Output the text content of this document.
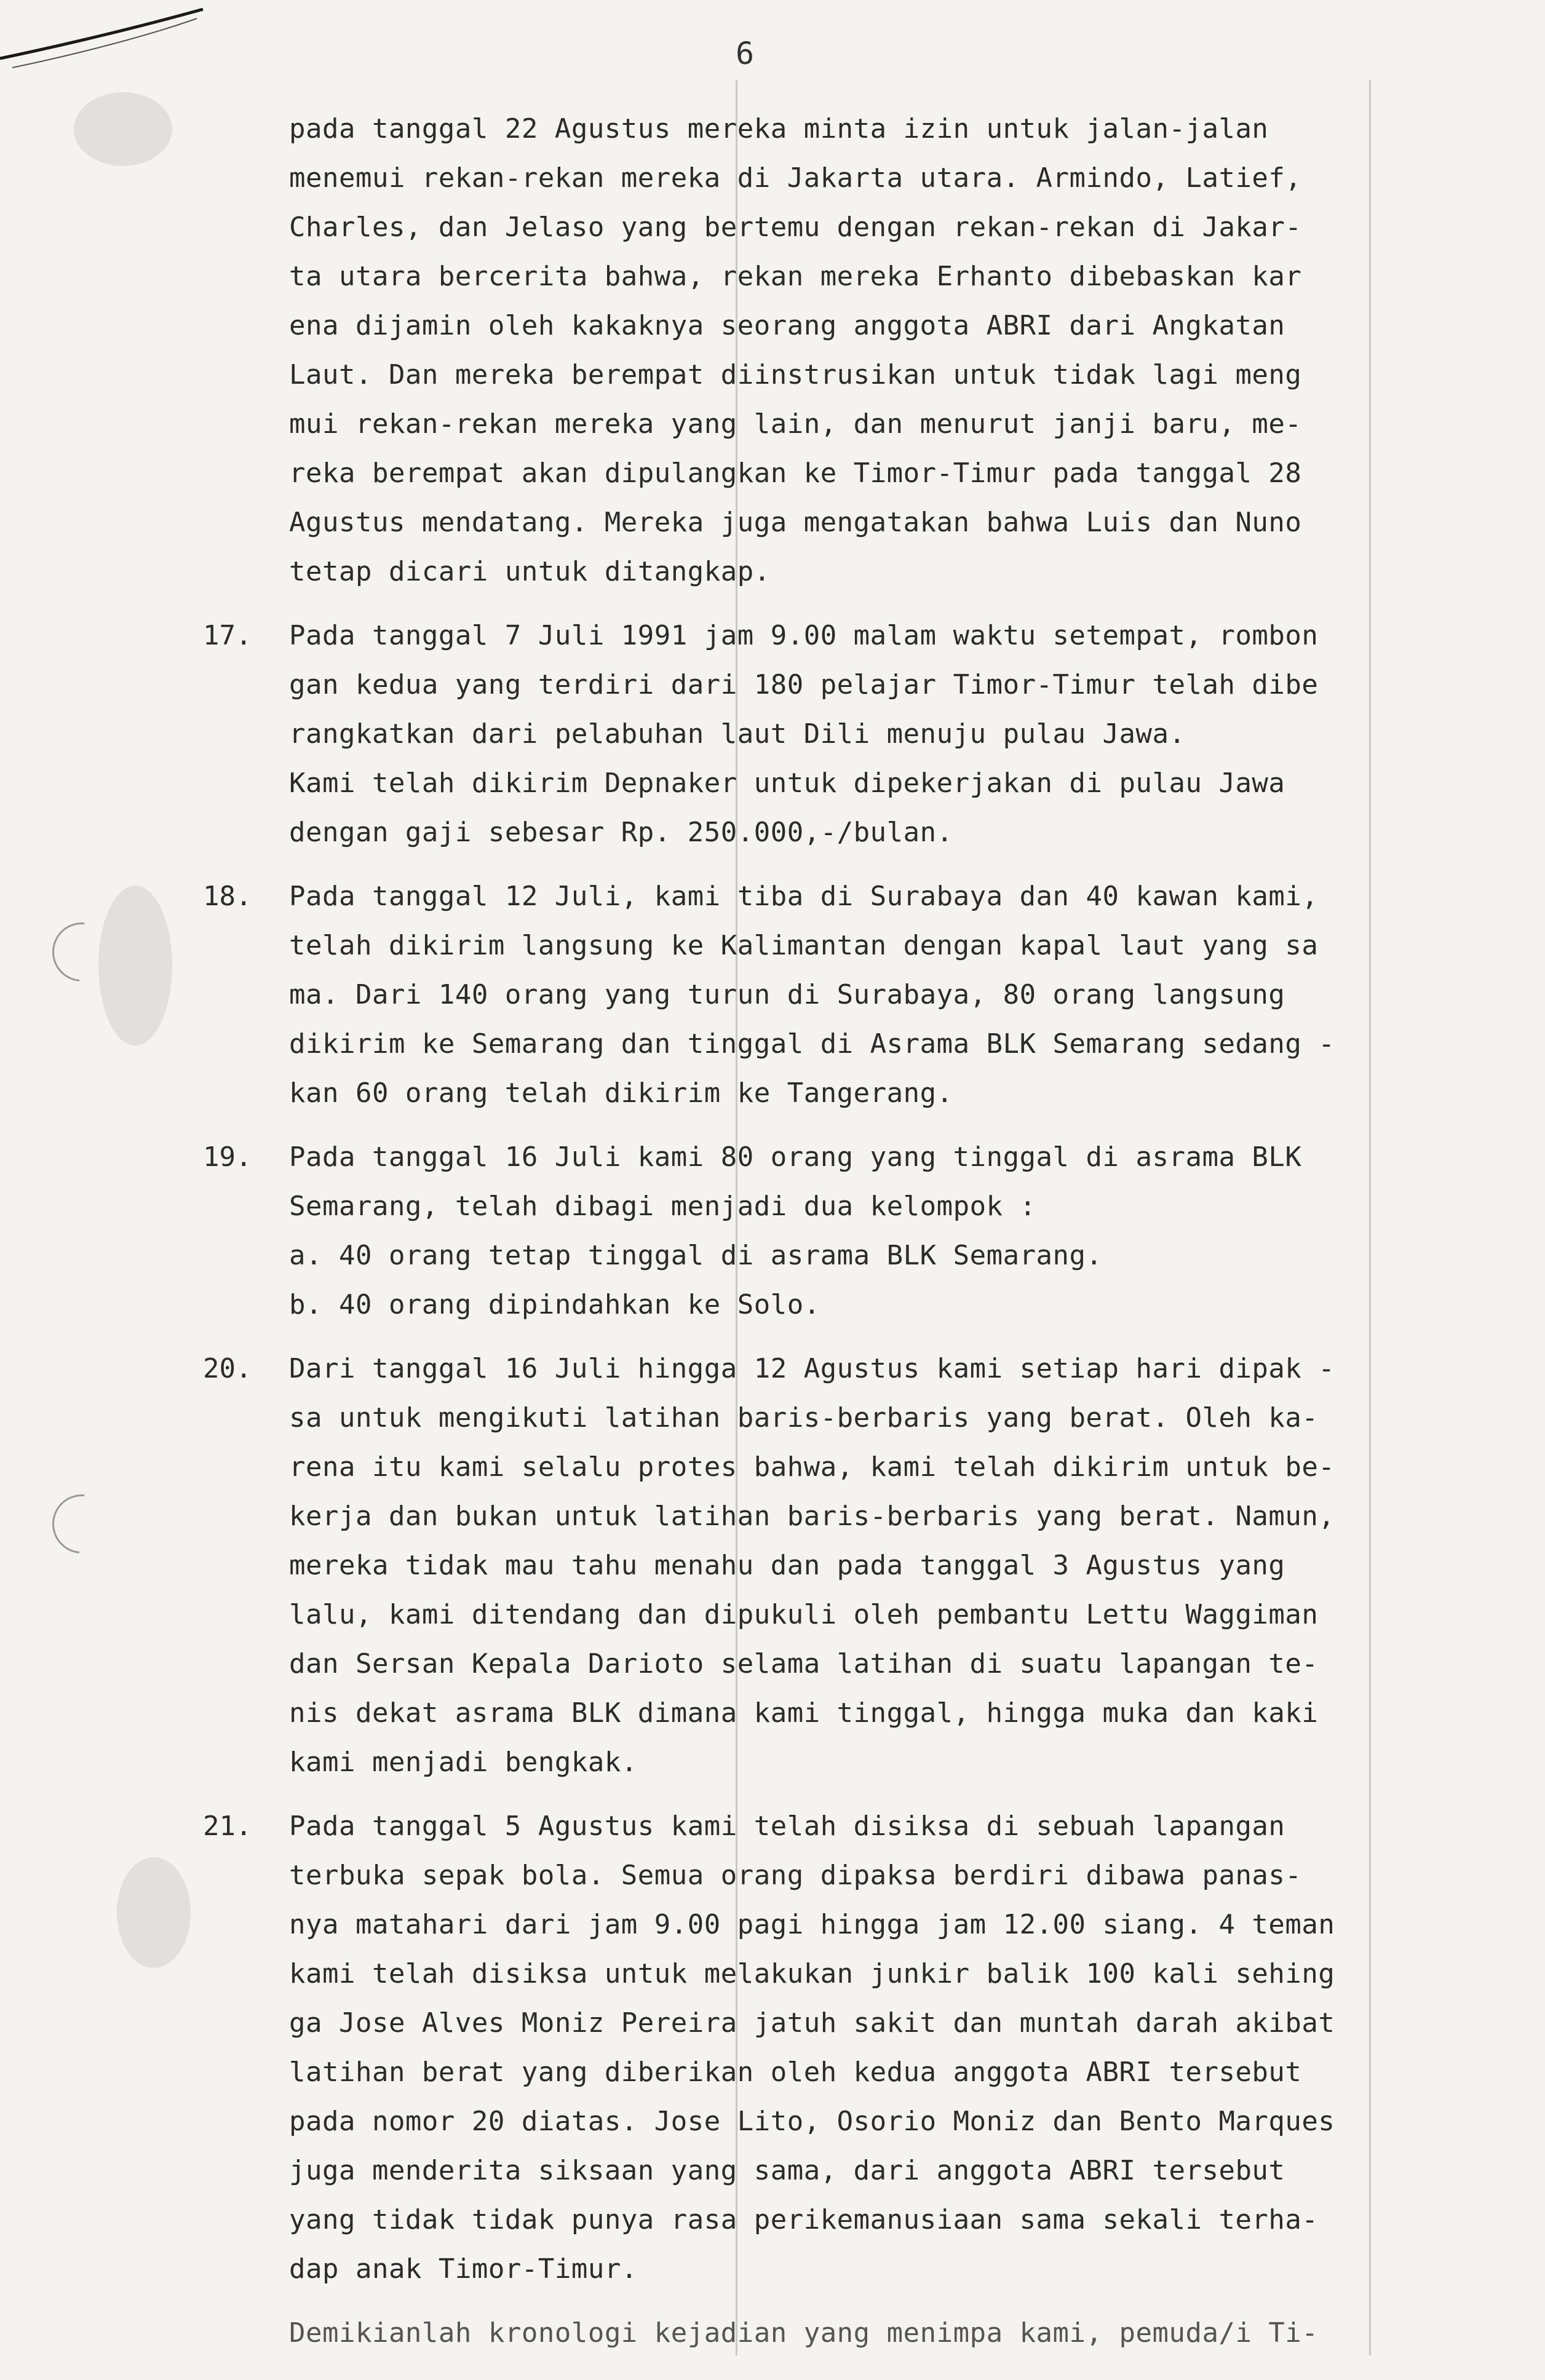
6
pada tanggal 22 Agustus mereka minta izin untuk jalan-jalan
menemui rekan-rekan mereka di Jakarta utara. Armindo, Latief,
Charles, dan Jelaso yang bertemu dengan rekan-rekan di Jakar-
ta utara bercerita bahwa, rekan mereka Erhanto dibebaskan kar
ena dijamin oleh kakaknya seorang anggota ABRI dari Angkatan
Laut. Dan mereka berempat diinstrusikan untuk tidak lagi meng
mui rekan-rekan mereka yang lain, dan menurut janji baru, me-
reka berempat akan dipulangkan ke Timor-Timur pada tanggal 28
Agustus mendatang. Mereka juga mengatakan bahwa Luis dan Nuno
tetap dicari untuk ditangkap.
17. Pada tanggal 7 Juli 1991 jam 9.00 malam waktu setempat, rombon
gan kedua yang terdiri dari 180 pelajar Timor-Timur telah dibe
rangkatkan dari pelabuhan laut Dili menuju pulau Jawa.
Kami telah dikirim Depnaker untuk dipekerjakan di pulau Jawa
dengan gaji sebesar Rp. 250.000,-/bulan.
18. Pada tanggal 12 Juli, kami tiba di Surabaya dan 40 kawan kami,
telah dikirim langsung ke Kalimantan dengan kapal laut yang sa
ma. Dari 140 orang yang turun di Surabaya, 80 orang langsung
dikirim ke Semarang dan tinggal di Asrama BLK Semarang sedang -
kan 60 orang telah dikirim ke Tangerang.
19. Pada tanggal 16 Juli kami 80 orang yang tinggal di asrama BLK
Semarang, telah dibagi menjadi dua kelompok :
a. 40 orang tetap tinggal di asrama BLK Semarang.
b. 40 orang dipindahkan ke Solo.
20. Dari tanggal 16 Juli hingga 12 Agustus kami setiap hari dipak -
sa untuk mengikuti latihan baris-berbaris yang berat. Oleh ka-
rena itu kami selalu protes bahwa, kami telah dikirim untuk be-
kerja dan bukan untuk latihan baris-berbaris yang berat. Namun,
mereka tidak mau tahu menahu dan pada tanggal 3 Agustus yang
lalu, kami ditendang dan dipukuli oleh pembantu Lettu Waggiman
dan Sersan Kepala Darioto selama latihan di suatu lapangan te-
nis dekat asrama BLK dimana kami tinggal, hingga muka dan kaki
kami menjadi bengkak.
21. Pada tanggal 5 Agustus kami telah disiksa di sebuah lapangan
terbuka sepak bola. Semua orang dipaksa berdiri dibawa panas-
nya matahari dari jam 9.00 pagi hingga jam 12.00 siang. 4 teman
kami telah disiksa untuk melakukan junkir balik 100 kali sehing
ga Jose Alves Moniz Pereira jatuh sakit dan muntah darah akibat
latihan berat yang diberikan oleh kedua anggota ABRI tersebut
pada nomor 20 diatas. Jose Lito, Osorio Moniz dan Bento Marques
juga menderita siksaan yang sama, dari anggota ABRI tersebut
yang tidak tidak punya rasa perikemanusiaan sama sekali terha-
dap anak Timor-Timur.
Demikianlah kronologi kejadian yang menimpa kami, pemuda/i Ti-
